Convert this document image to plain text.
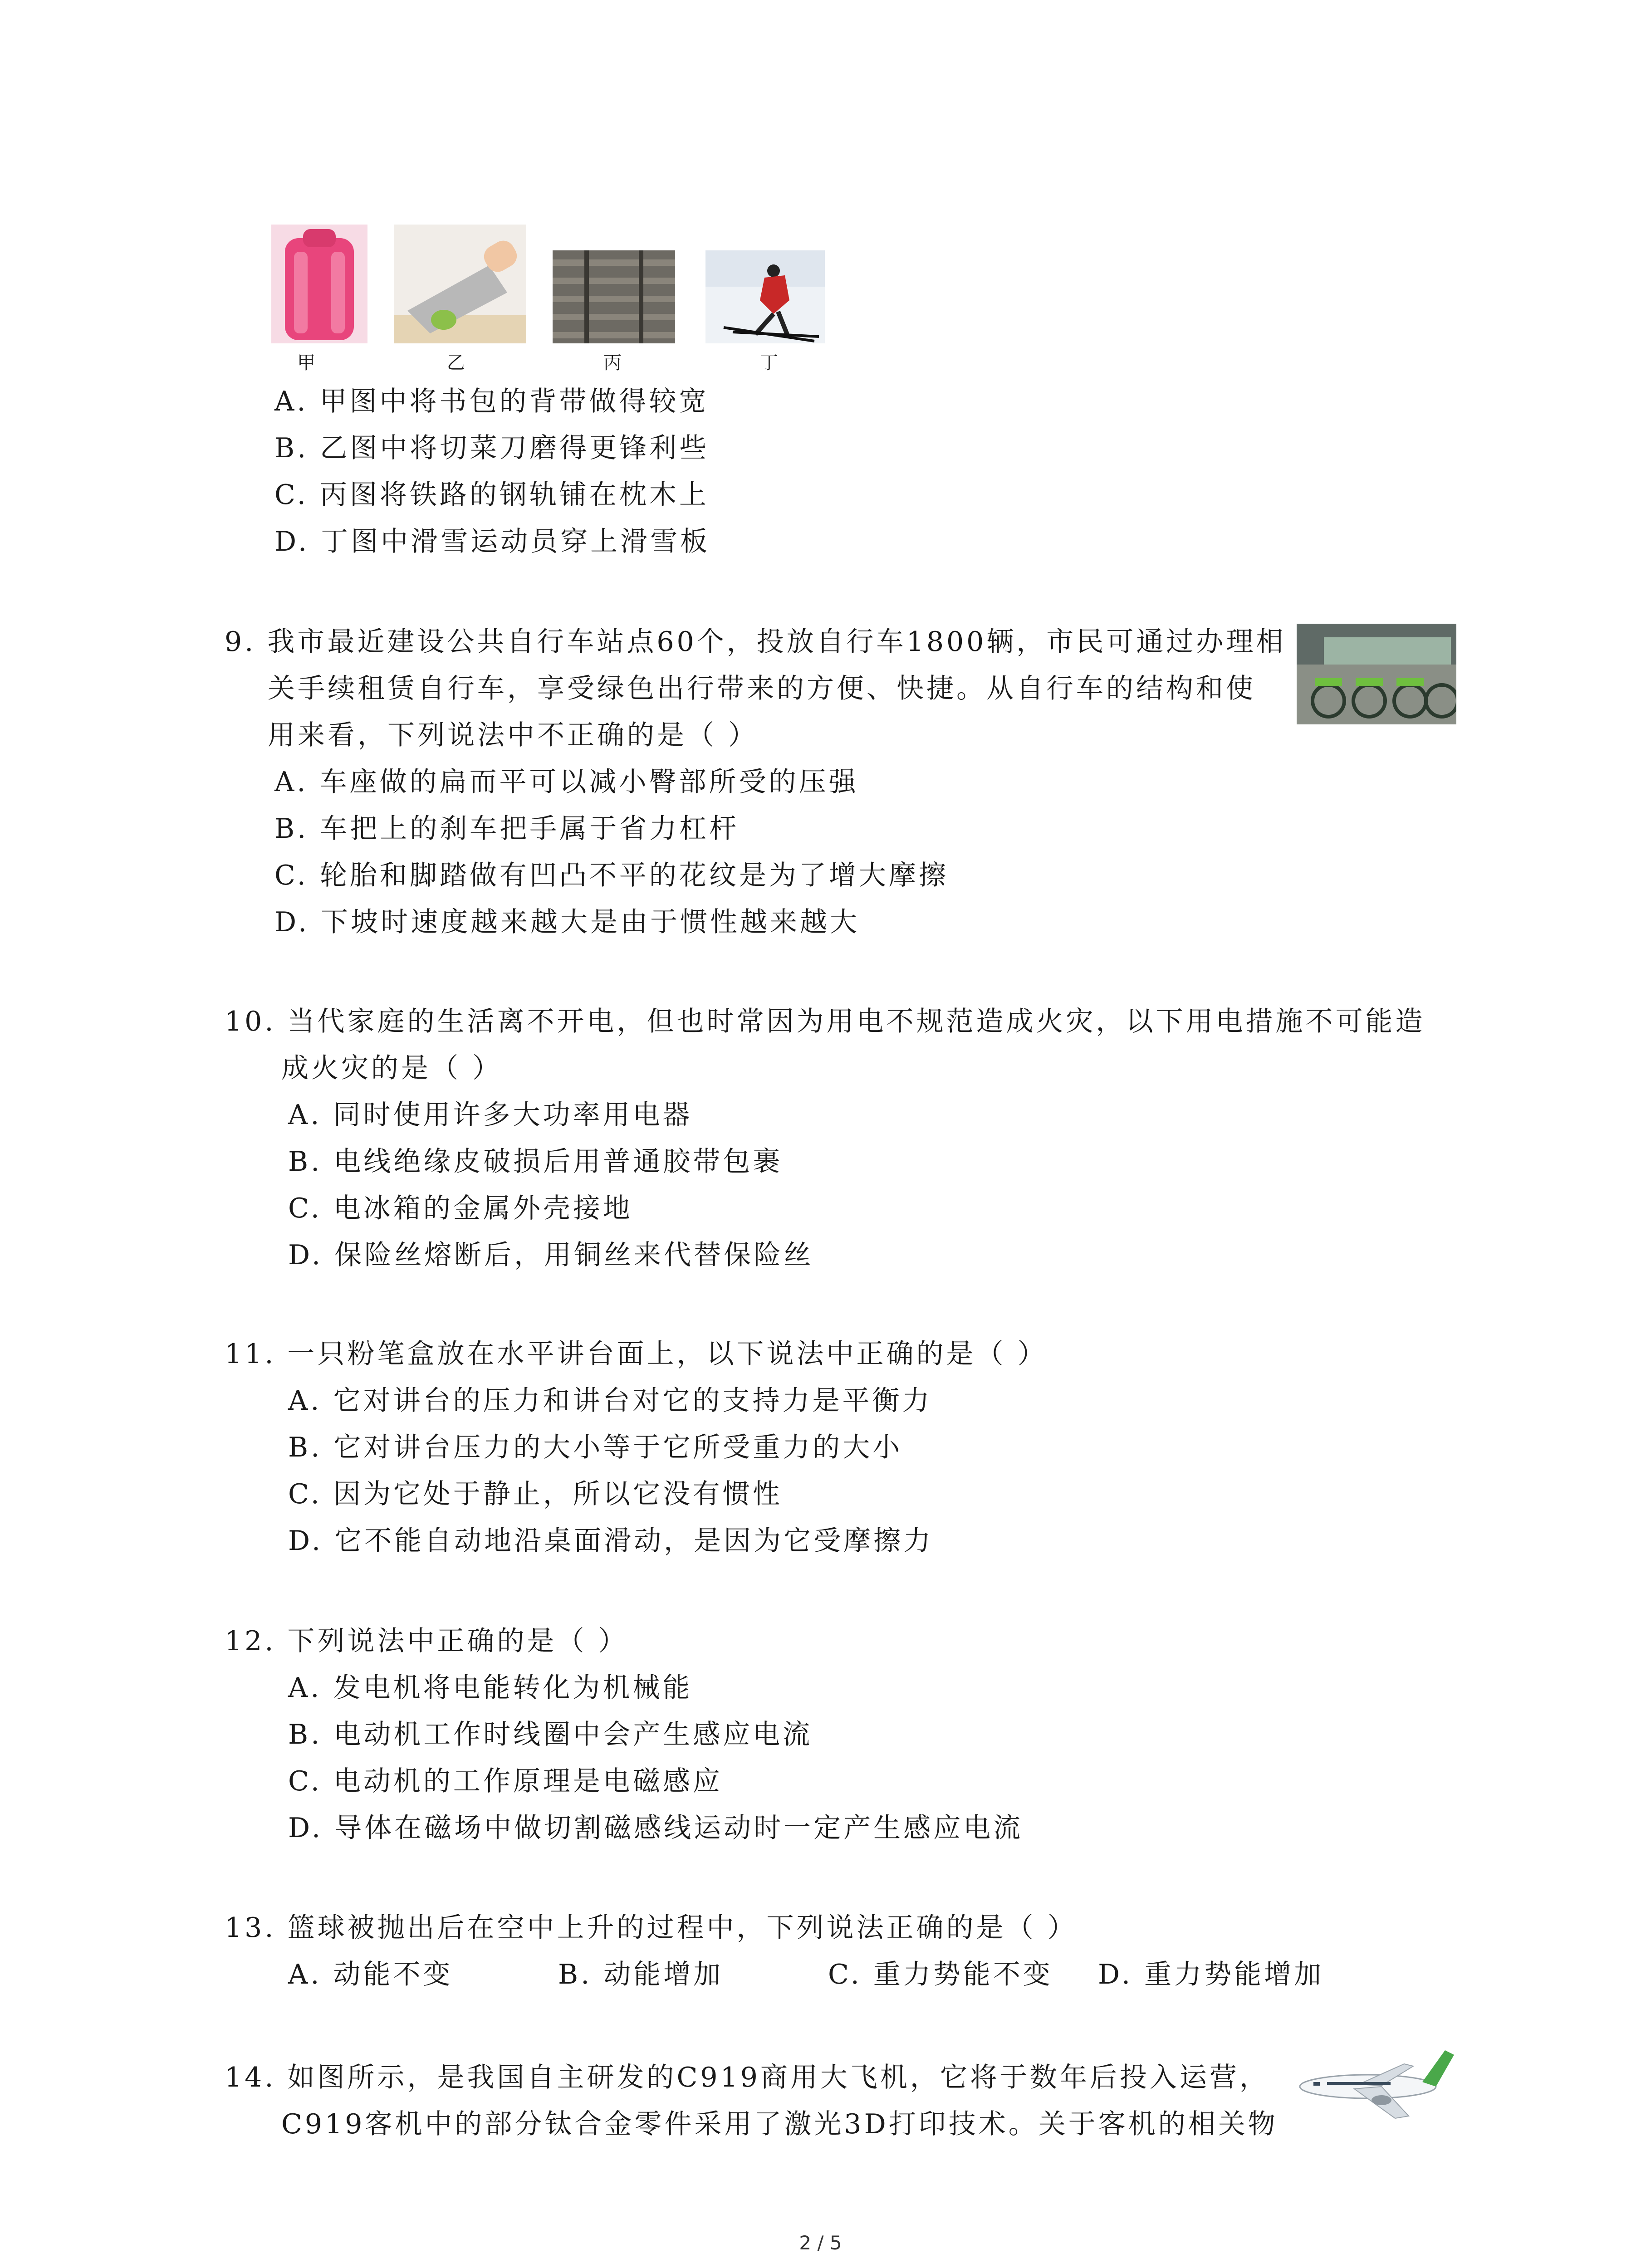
甲	乙	丙	丁
A. 甲图中将书包的背带做得较宽
B. 乙图中将切菜刀磨得更锋利些
C. 丙图将铁路的钢轨铺在枕木上
D. 丁图中滑雪运动员穿上滑雪板
9. 我市最近建设公共自行车站点60个，投放自行车1800辆，市民可通过办理相
关手续租赁自行车，享受绿色出行带来的方便、快捷。从自行车的结构和使
用来看，下列说法中不正确的是（ ）
A. 车座做的扁而平可以减小臀部所受的压强
B. 车把上的刹车把手属于省力杠杆
C. 轮胎和脚踏做有凹凸不平的花纹是为了增大摩擦
D. 下坡时速度越来越大是由于惯性越来越大
10. 当代家庭的生活离不开电，但也时常因为用电不规范造成火灾，以下用电措施不可能造
成火灾的是（ ）
A. 同时使用许多大功率用电器
B. 电线绝缘皮破损后用普通胶带包裹
C. 电冰箱的金属外壳接地
D. 保险丝熔断后，用铜丝来代替保险丝
11. 一只粉笔盒放在水平讲台面上，以下说法中正确的是（ ）
A. 它对讲台的压力和讲台对它的支持力是平衡力
B. 它对讲台压力的大小等于它所受重力的大小
C. 因为它处于静止，所以它没有惯性
D. 它不能自动地沿桌面滑动，是因为它受摩擦力
12. 下列说法中正确的是（ ）
A. 发电机将电能转化为机械能
B. 电动机工作时线圈中会产生感应电流
C. 电动机的工作原理是电磁感应
D. 导体在磁场中做切割磁感线运动时一定产生感应电流
13. 篮球被抛出后在空中上升的过程中，下列说法正确的是（ ）
A. 动能不变	B. 动能增加	C. 重力势能不变 D. 重力势能增加
14. 如图所示，是我国自主研发的C919商用大飞机，它将于数年后投入运营，
C919客机中的部分钛合金零件采用了激光3D打印技术。关于客机的相关物
2 / 5
